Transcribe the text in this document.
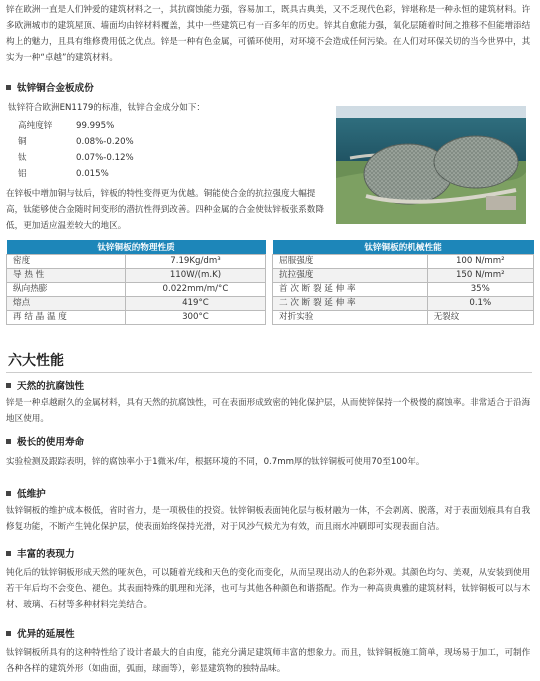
锌在欧洲一直是人们钟爱的建筑材料之一，其抗腐蚀能力强，容易加工，既具古典美，又不乏现代色彩，锌堪称是一种永恒的建筑材料。许多欧洲城市的建筑屋顶、墙面均由锌材料覆盖，其中一些建筑已有一百多年的历史。锌其自愈能力强，氧化层随着时间之推移不但能增添结构上的魅力，且具有维修费用低之优点。锌是一种有色金属，可循环使用，对环境不会造成任何污染。在人们对环保关切的当今世界中，其实为一种“卓越”的建筑材料。

钛锌铜合金板成份
钛锌符合欧洲EN1179的标准，钛锌合金成分如下：
高纯度锌	99.995%
铜	0.08%-0.20%
钛	0.07%-0.12%
铝	0.015%

在锌板中增加铜与钛后，锌板的特性变得更为优越。铜能使合金的抗拉强度大幅提高，钛能够使合金随时间变形的潜抗性得到改善。四种金属的合金使钛锌板张系数降低，更加适应温差较大的地区。

钛锌铜板的物理性质	
密度	7.19Kg/dm³
导 热 性	110W/(m.K)
纵向热膨	0.022mm/m/°C
熔点	419°C
再 结 晶 温 度	300°C
钛锌铜板的机械性能	
屈服强度	100 N/mm²
抗拉强度	150 N/mm²
首 次 断 裂 延 伸 率	35%
二 次 断 裂 延 伸 率	0.1%
对折实验	无裂纹
六大性能
天然的抗腐蚀性

锌是一种卓越耐久的金属材料，具有天然的抗腐蚀性，可在表面形成致密的钝化保护层，从而使锌保持一个极慢的腐蚀率。非常适合于沿海地区使用。

极长的使用寿命

实验检测及跟踪表明，锌的腐蚀率小于1微米/年，根据环境的不同，0.7mm厚的钛锌铜板可使用70至100年。

低维护

钛锌铜板的维护成本极低，省时省力，是一项极佳的投资。钛锌铜板表面钝化层与板材融为一体，不会剥离、脱落，对于表面划痕具有自我修复功能，不断产生钝化保护层，使表面始终保持光滑，对于风沙气候尤为有效，而且雨水冲刷即可实现表面自洁。

丰富的表现力

钝化后的钛锌铜板形成天然的哑灰色，可以随着光线和天色的变化而变化，从而呈现出动人的色彩外观。其颜色均匀、美观，从安装到使用若干年后均不会变色、褪色。其表面特殊的肌理和光泽，也可与其他各种颜色和谐搭配。作为一种高贵典雅的建筑材料，钛锌铜板可以与木材、玻璃、石材等多种材料完美结合。

优异的延展性

钛锌铜板所具有的这种特性给了设计者最大的自由度，能充分满足建筑师丰富的想象力。而且，钛锌铜板施工简单，现场易于加工，可制作各种各样的建筑外形（如曲面，弧面，球面等），彰显建筑物的独特品味。
